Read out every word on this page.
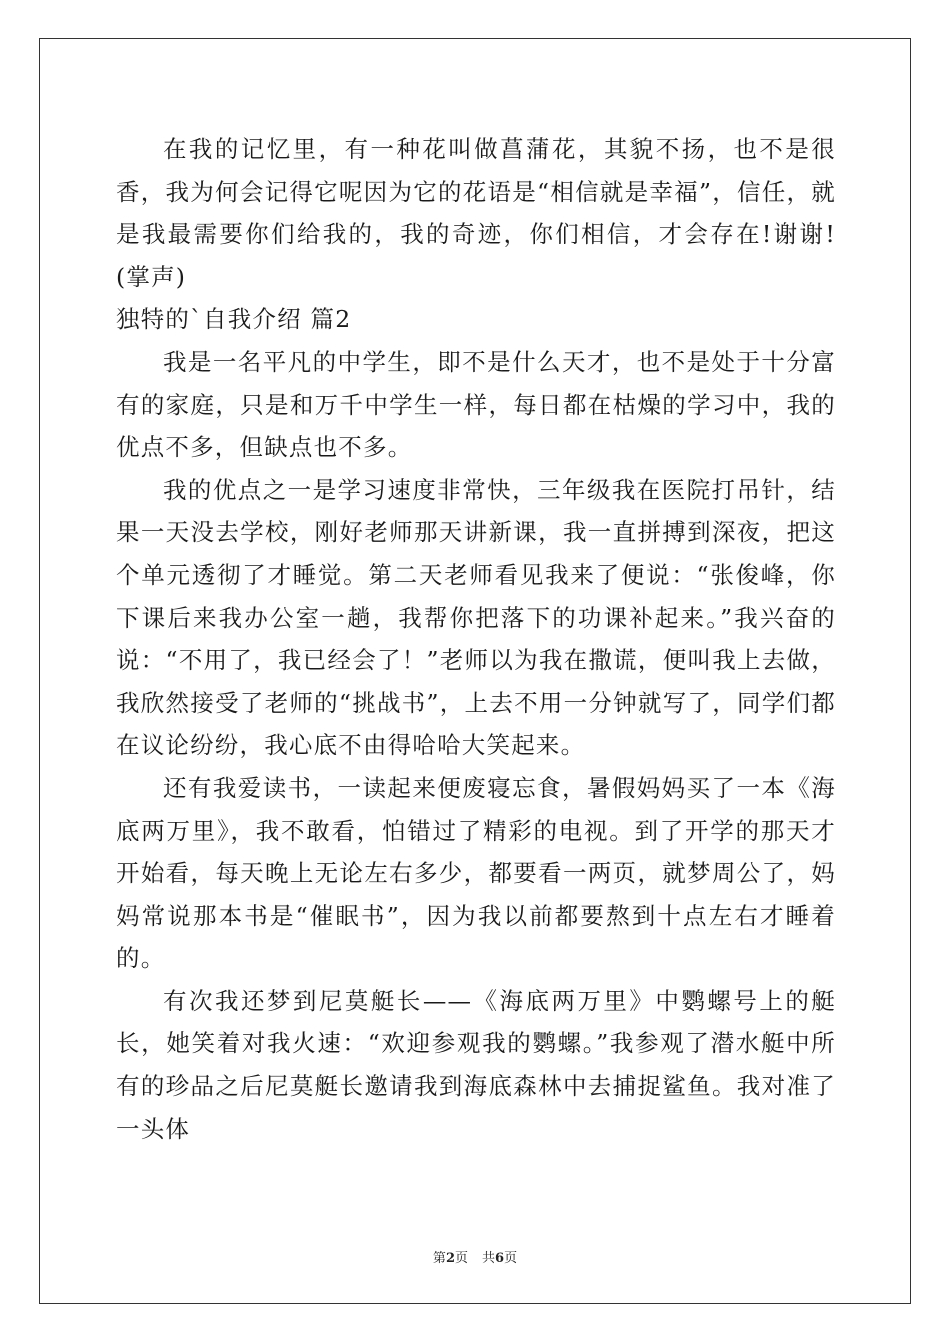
在我的记忆里，有一种花叫做菖蒲花，其貌不扬，也不是很香，我为何会记得它呢因为它的花语是“相信就是幸福”，信任，就是我最需要你们给我的，我的奇迹，你们相信，才会存在!谢谢!(掌声)

独特的`自我介绍 篇2

我是一名平凡的中学生，即不是什么天才，也不是处于十分富有的家庭，只是和万千中学生一样，每日都在枯燥的学习中，我的优点不多，但缺点也不多。

我的优点之一是学习速度非常快，三年级我在医院打吊针，结果一天没去学校，刚好老师那天讲新课，我一直拼搏到深夜，把这个单元透彻了才睡觉。第二天老师看见我来了便说：“张俊峰，你下课后来我办公室一趟，我帮你把落下的功课补起来。”我兴奋的说：“不用了，我已经会了！”老师以为我在撒谎，便叫我上去做，我欣然接受了老师的“挑战书”，上去不用一分钟就写了，同学们都在议论纷纷，我心底不由得哈哈大笑起来。

还有我爱读书，一读起来便废寝忘食，暑假妈妈买了一本《海底两万里》，我不敢看，怕错过了精彩的电视。到了开学的那天才开始看，每天晚上无论左右多少，都要看一两页，就梦周公了，妈妈常说那本书是“催眠书”，因为我以前都要熬到十点左右才睡着的。

有次我还梦到尼莫艇长——《海底两万里》中鹦螺号上的艇长，她笑着对我火速：“欢迎参观我的鹦螺。”我参观了潜水艇中所有的珍品之后尼莫艇长邀请我到海底森林中去捕捉鲨鱼。我对准了一头体

第2页 共6页
